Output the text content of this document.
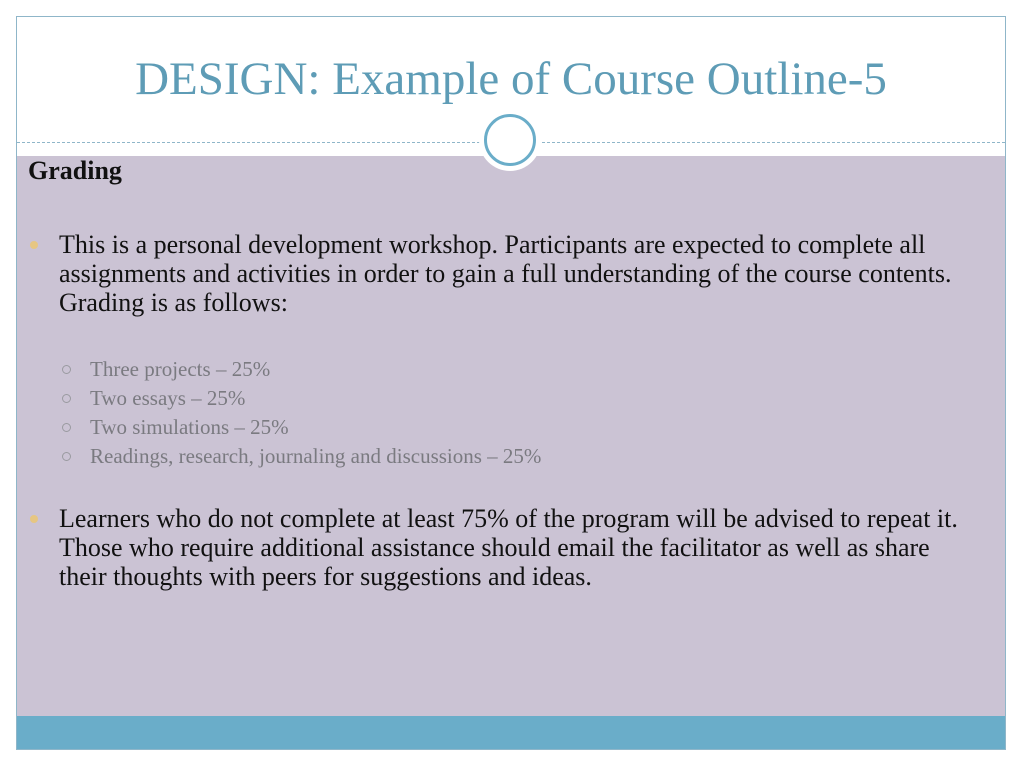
DESIGN: Example of Course Outline-5
Grading
This is a personal development workshop. Participants are expected to complete all assignments and activities in order to gain a full understanding of the course contents. Grading is as follows:
Three projects – 25%
Two essays – 25%
Two simulations – 25%
Readings, research, journaling and discussions – 25%
Learners who do not complete at least 75% of the program will be advised to repeat it. Those who require additional assistance should email the facilitator as well as share their thoughts with peers for suggestions and ideas.
